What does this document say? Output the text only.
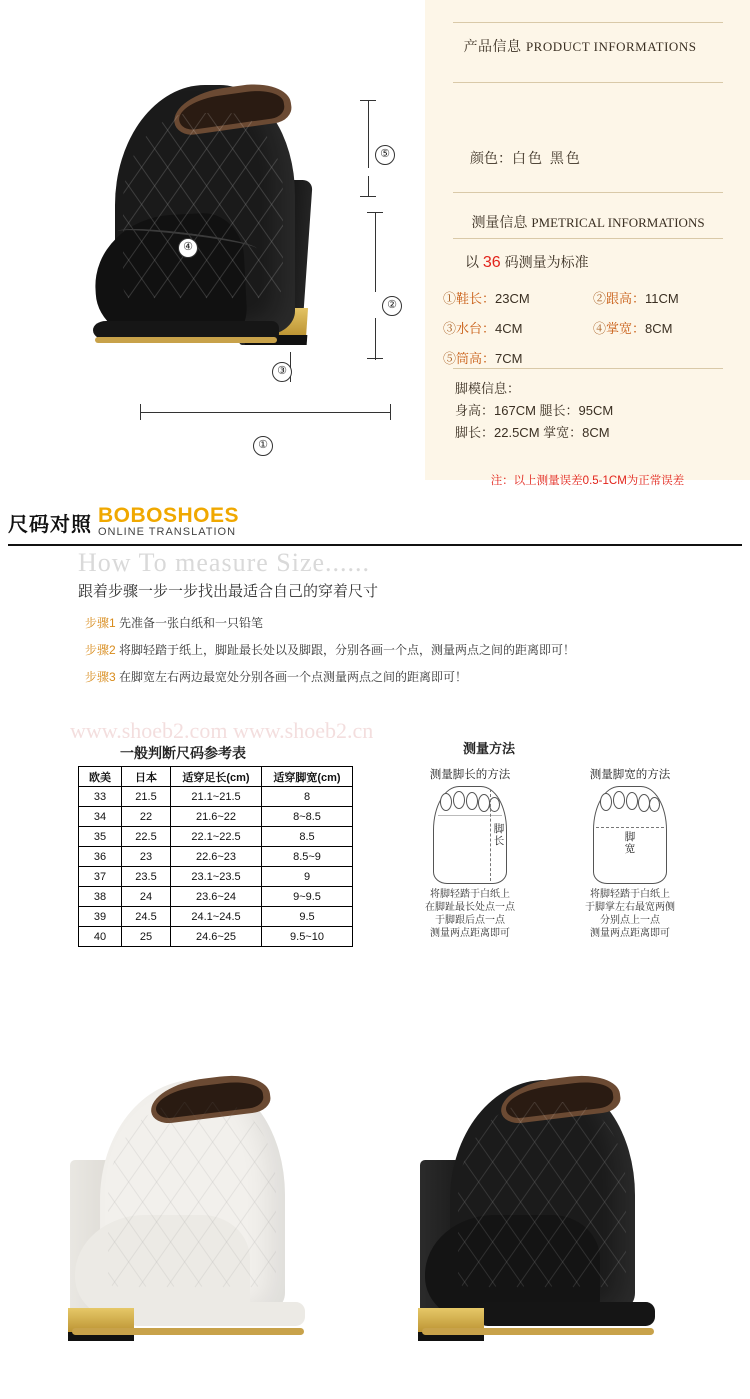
⑤
②
③
①
④
产品信息 PRODUCT INFORMATIONS
颜色：白色 黑色
测量信息 PMETRICAL INFORMATIONS
以 36 码测量为标准
①鞋长：23CM	②跟高：11CM
③水台：4CM	④掌宽：8CM
⑤筒高：7CM
脚模信息：
身高：167CM 腿长：95CM
脚长：22.5CM 掌宽：8CM
注：以上测量误差0.5-1CM为正常误差
尺码对照 BOBOSHOES
ONLINE TRANSLATION
How To measure Size......
跟着步骤一步一步找出最适合自己的穿着尺寸
步骤1 先准备一张白纸和一只铅笔
步骤2 将脚轻踏于纸上，脚趾最长处以及脚跟，分别各画一个点，测量两点之间的距离即可！
步骤3 在脚宽左右两边最宽处分别各画一个点测量两点之间的距离即可！
www.shoeb2.com www.shoeb2.cn
一般判断尺码参考表
欧美	日本	适穿足长(cm)	适穿脚宽(cm)
33	21.5	21.1~21.5	8
34	22	21.6~22	8~8.5
35	22.5	22.1~22.5	8.5
36	23	22.6~23	8.5~9
37	23.5	23.1~23.5	9
38	24	23.6~24	9~9.5
39	24.5	24.1~24.5	9.5
40	25	24.6~25	9.5~10
测量方法
测量脚长的方法
脚长
将脚轻踏于白纸上
在脚趾最长处点一点
于脚跟后点一点
测量两点距离即可
测量脚宽的方法
脚宽
将脚轻踏于白纸上
于脚掌左右最宽两侧
分别点上一点
测量两点距离即可
